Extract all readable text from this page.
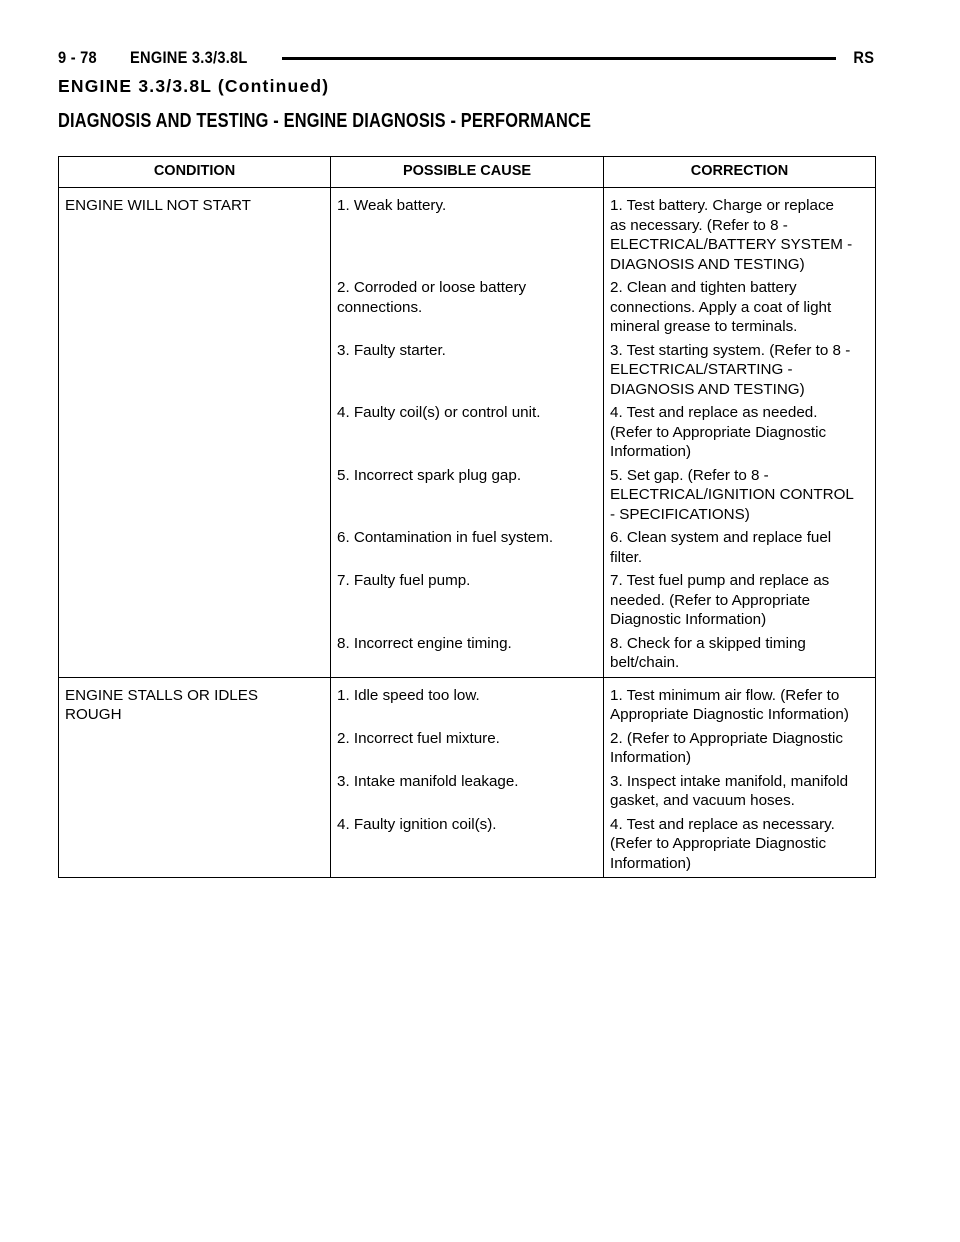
9 - 78 ENGINE 3.3/3.8L	RS
ENGINE 3.3/3.8L (Continued)
DIAGNOSIS AND TESTING - ENGINE DIAGNOSIS - PERFORMANCE
CONDITION	POSSIBLE CAUSE	CORRECTION
ENGINE WILL NOT START	1. Weak battery.	1. Test battery. Charge or replace
as necessary. (Refer to 8 -
ELECTRICAL/BATTERY SYSTEM -
DIAGNOSIS AND TESTING)
	2. Corroded or loose battery
connections.	2. Clean and tighten battery
connections. Apply a coat of light
mineral grease to terminals.
	3. Faulty starter.	3. Test starting system. (Refer to 8 -
ELECTRICAL/STARTING -
DIAGNOSIS AND TESTING)
	4. Faulty coil(s) or control unit.	4. Test and replace as needed.
(Refer to Appropriate Diagnostic
Information)
	5. Incorrect spark plug gap.	5. Set gap. (Refer to 8 -
ELECTRICAL/IGNITION CONTROL
- SPECIFICATIONS)
	6. Contamination in fuel system.	6. Clean system and replace fuel
filter.
	7. Faulty fuel pump.	7. Test fuel pump and replace as
needed. (Refer to Appropriate
Diagnostic Information)
	8. Incorrect engine timing.	8. Check for a skipped timing
belt/chain.
ENGINE STALLS OR IDLES
ROUGH	1. Idle speed too low.	1. Test minimum air flow. (Refer to
Appropriate Diagnostic Information)
	2. Incorrect fuel mixture.	2. (Refer to Appropriate Diagnostic
Information)
	3. Intake manifold leakage.	3. Inspect intake manifold, manifold
gasket, and vacuum hoses.
	4. Faulty ignition coil(s).	4. Test and replace as necessary.
(Refer to Appropriate Diagnostic
Information)
